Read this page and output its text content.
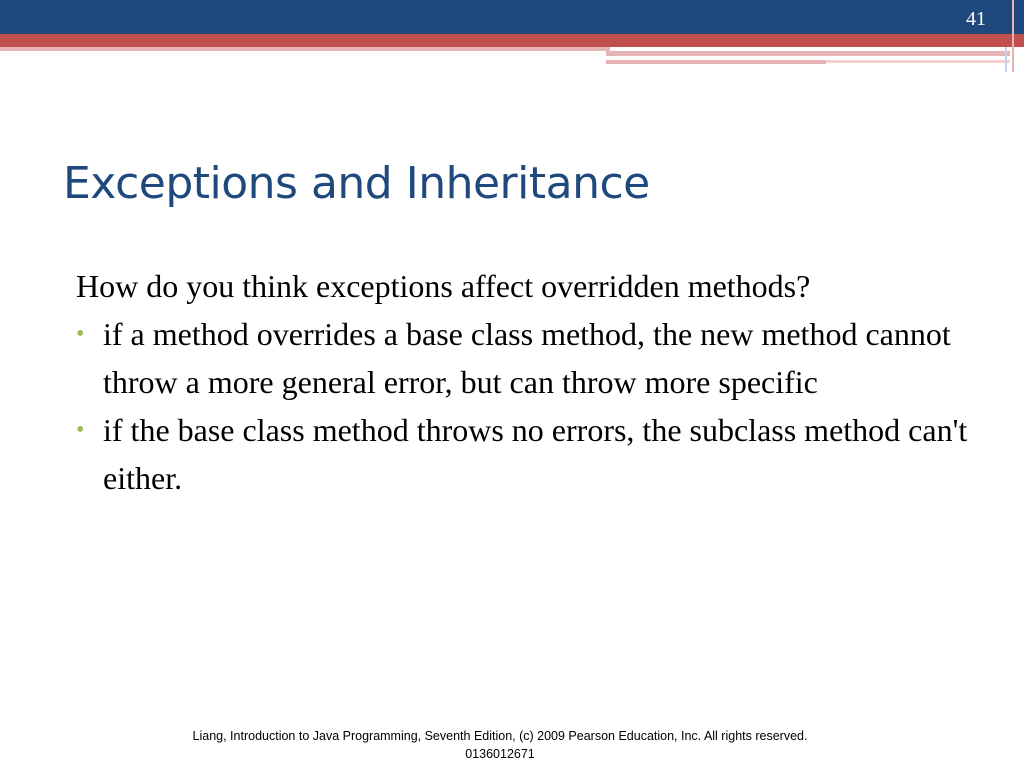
41
Exceptions and Inheritance

How do you think exceptions affect overridden methods?

• if a method overrides a base class method, the new method cannot throw a more general error, but can throw more specific

• if the base class method throws no errors, the subclass method can't either.

Liang, Introduction to Java Programming, Seventh Edition, (c) 2009 Pearson Education, Inc. All rights reserved. 0136012671
